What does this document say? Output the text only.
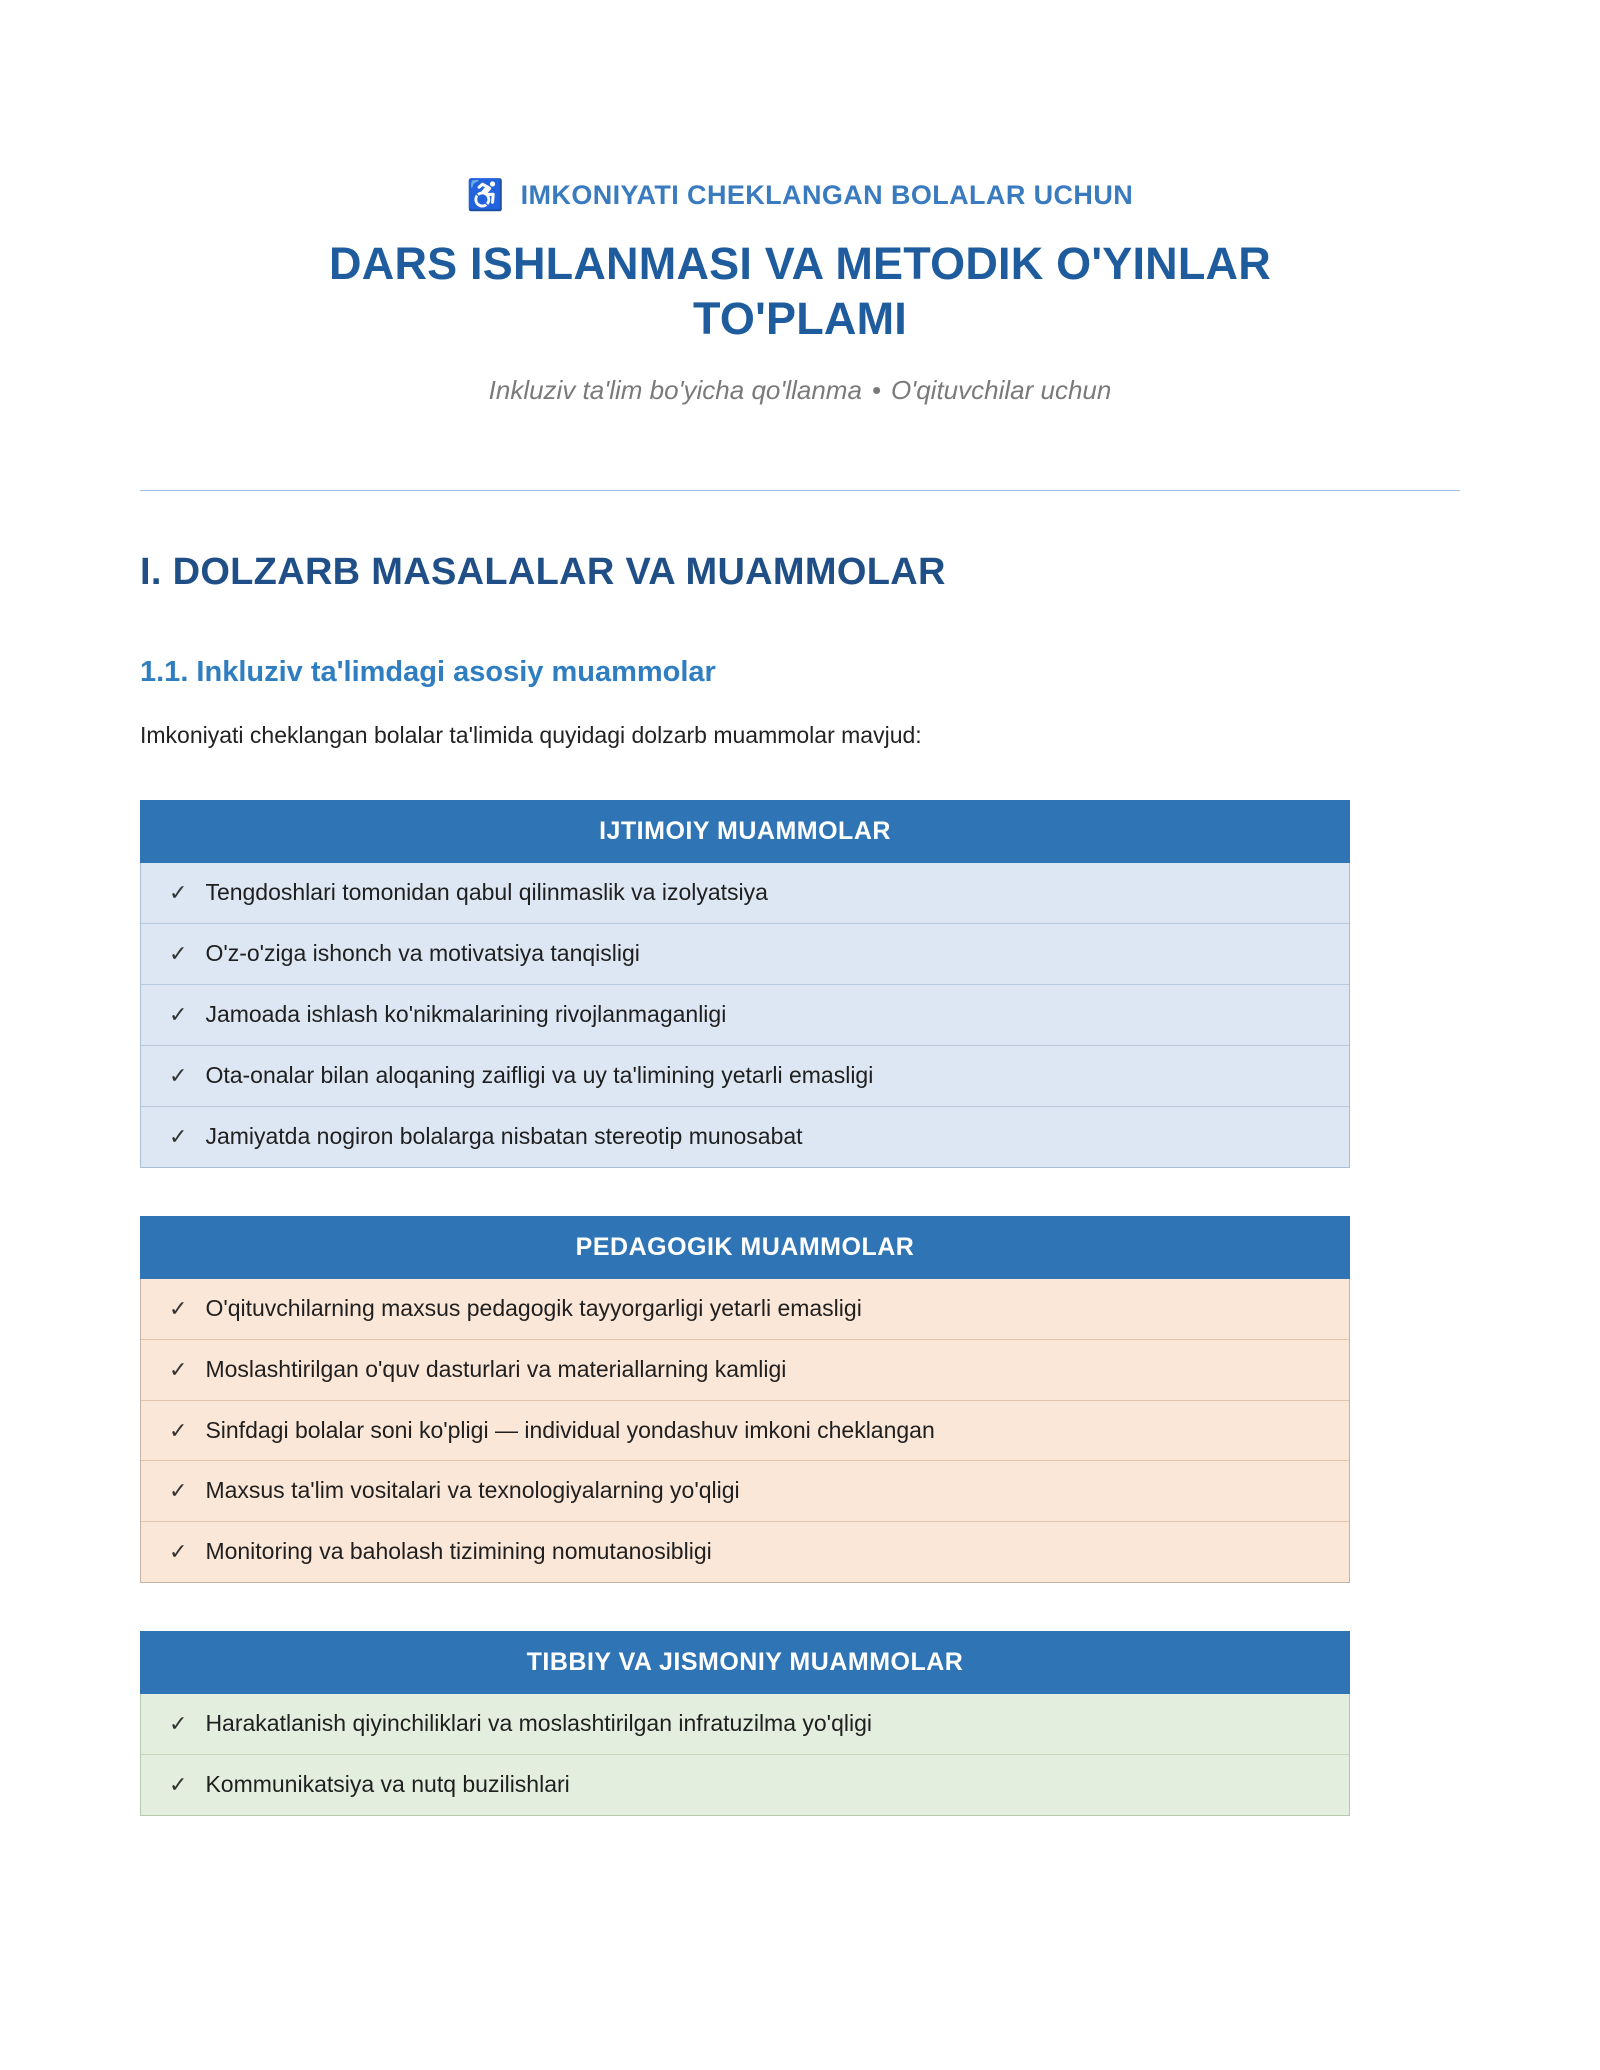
♿ IMKONIYATI CHEKLANGAN BOLALAR UCHUN
DARS ISHLANMASI VA METODIK O'YINLAR TO'PLAMI
Inkluziv ta'lim bo'yicha qo'llanma • O'qituvchilar uchun
I. DOLZARB MASALALAR VA MUAMMOLAR
1.1. Inkluziv ta'limdagi asosiy muammolar

Imkoniyati cheklangan bolalar ta'limida quyidagi dolzarb muammolar mavjud:

IJTIMOIY MUAMMOLAR
✓ Tengdoshlari tomonidan qabul qilinmaslik va izolyatsiya
✓ O'z-o'ziga ishonch va motivatsiya tanqisligi
✓ Jamoada ishlash ko'nikmalarining rivojlanmaganligi
✓ Ota-onalar bilan aloqaning zaifligi va uy ta'limining yetarli emasligi
✓ Jamiyatda nogiron bolalarga nisbatan stereotip munosabat
PEDAGOGIK MUAMMOLAR
✓ O'qituvchilarning maxsus pedagogik tayyorgarligi yetarli emasligi
✓ Moslashtirilgan o'quv dasturlari va materiallarning kamligi
✓ Sinfdagi bolalar soni ko'pligi — individual yondashuv imkoni cheklangan
✓ Maxsus ta'lim vositalari va texnologiyalarning yo'qligi
✓ Monitoring va baholash tizimining nomutanosibligi
TIBBIY VA JISMONIY MUAMMOLAR
✓ Harakatlanish qiyinchiliklari va moslashtirilgan infratuzilma yo'qligi
✓ Kommunikatsiya va nutq buzilishlari
